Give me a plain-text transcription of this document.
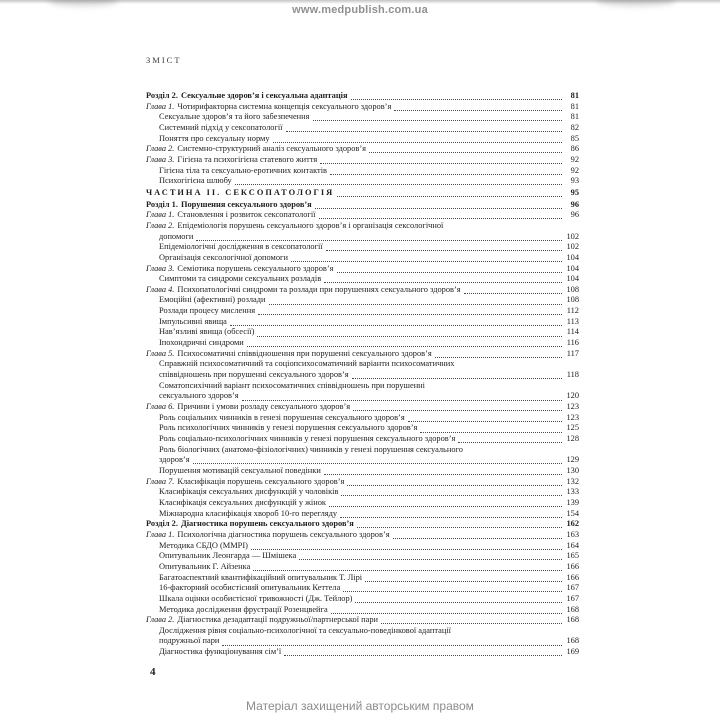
www.medpublish.com.ua
ЗМІСТ
Розділ 2. Сексуальне здоров’я і сексуальна адаптація	81
Глава 1. Чотирифакторна системна концепція сексуального здоров’я	81
Сексуальне здоров’я та його забезпечення	81
Системний підхід у сексопатології	82
Поняття про сексуальну норму	85
Глава 2. Системно-структурний аналіз сексуального здоров’я	86
Глава 3. Гігієна та психогігієна статевого життя	92
Гігієна тіла та сексуально-еротичних контактів	92
Психогігієна шлюбу	93
ЧАСТИНА II. СЕКСОПАТОЛОГІЯ	95
Розділ 1. Порушення сексуального здоров’я	96
Глава 1. Становлення і розвиток сексопатології	96
Глава 2. Епідеміологія порушень сексуального здоров’я і організація сексологічної
допомоги	102
Епідеміологічні дослідження в сексопатології	102
Організація сексологічної допомоги	104
Глава 3. Семіотика порушень сексуального здоров’я	104
Симптоми та синдроми сексуальних розладів	104
Глава 4. Психопатологічні синдроми та розлади при порушеннях сексуального здоров’я	108
Емоційні (афективні) розлади	108
Розлади процесу мислення	112
Імпульсивні явища	113
Нав’язливі явища (обсесії)	114
Іпохондричні синдроми	116
Глава 5. Психосоматичні співвідношення при порушенні сексуального здоров’я	117
Справжній психосоматичний та соціопсихосоматичний варіанти психосоматичних
співвідношень при порушенні сексуального здоров’я	118
Соматопсихічний варіант психосоматичних співвідношень при порушенні
сексуального здоров’я	120
Глава 6. Причини і умови розладу сексуального здоров’я	123
Роль соціальних чинників в генезі порушення сексуального здоров’я	123
Роль психологічних чинників у генезі порушення сексуального здоров’я	125
Роль соціально-психологічних чинників у генезі порушення сексуального здоров’я	128
Роль біологічних (анатомо-фізіологічних) чинників у генезі порушення сексуального
здоров’я	129
Порушення мотивацій сексуальної поведінки	130
Глава 7. Класифікація порушень сексуального здоров’я	132
Класифікація сексуальних дисфункцій у чоловіків	133
Класифікація сексуальних дисфункцій у жінок	139
Міжнародна класифікація хвороб 10-го перегляду	154
Розділ 2. Діагностика порушень сексуального здоров’я	162
Глава 1. Психологічна діагностика порушень сексуального здоров’я	163
Методика СБДО (ММРІ)	164
Опитувальник Леонгарда — Шмішека	165
Опитувальник Г. Айзенка	166
Багатоаспектний квантифікаційний опитувальник Т. Лірі	166
16-факторний особистісний опитувальник Кеттела	167
Шкала оцінки особистісної тривожності (Дж. Тейлор)	167
Методика дослідження фрустрації Розенцвейга	168
Глава 2. Діагностика дезадаптації подружньої/партнерської пари	168
Дослідження рівня соціально-психологічної та сексуально-поведінкової адаптації
подружньої пари	168
Діагностика функціонування сім’ї	169
4
Матеріал захищений авторським правом
